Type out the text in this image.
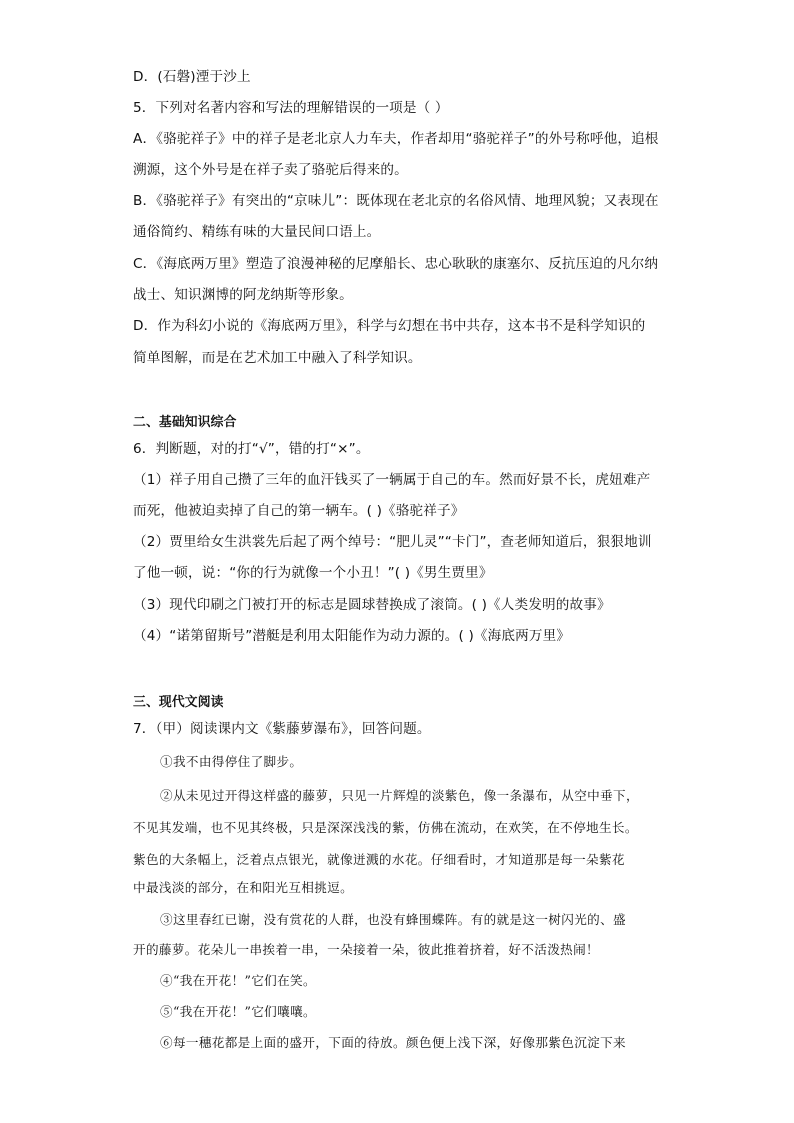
D．(石磐)湮于沙上
5．下列对名著内容和写法的理解错误的一项是（ ）
A．《骆驼祥子》中的祥子是老北京人力车夫，作者却用“骆驼祥子”的外号称呼他，追根
溯源，这个外号是在祥子卖了骆驼后得来的。
B．《骆驼祥子》有突出的“京味儿”：既体现在老北京的名俗风情、地理风貌；又表现在
通俗简约、精练有味的大量民间口语上。
C．《海底两万里》塑造了浪漫神秘的尼摩船长、忠心耿耿的康塞尔、反抗压迫的凡尔纳
战士、知识渊博的阿龙纳斯等形象。
D．作为科幻小说的《海底两万里》，科学与幻想在书中共存，这本书不是科学知识的
简单图解，而是在艺术加工中融入了科学知识。
二、基础知识综合
6．判断题，对的打“√”，错的打“×”。
（1）祥子用自己攒了三年的血汗钱买了一辆属于自己的车。然而好景不长，虎妞难产
而死，他被迫卖掉了自己的第一辆车。( )《骆驼祥子》
（2）贾里给女生洪裳先后起了两个绰号：“肥儿灵”“卡门”，查老师知道后，狠狠地训
了他一顿，说：“你的行为就像一个小丑！”( )《男生贾里》
（3）现代印刷之门被打开的标志是圆球替换成了滚筒。( )《人类发明的故事》
（4）“诺第留斯号”潜艇是利用太阳能作为动力源的。( )《海底两万里》
三、现代文阅读
7．（甲）阅读课内文《紫藤萝瀑布》，回答问题。
①我不由得停住了脚步。
②从未见过开得这样盛的藤萝，只见一片辉煌的淡紫色，像一条瀑布，从空中垂下，
不见其发端，也不见其终极，只是深深浅浅的紫，仿佛在流动，在欢笑，在不停地生长。
紫色的大条幅上，泛着点点银光，就像迸溅的水花。仔细看时，才知道那是每一朵紫花
中最浅淡的部分，在和阳光互相挑逗。
③这里春红已谢，没有赏花的人群，也没有蜂围蝶阵。有的就是这一树闪光的、盛
开的藤萝。花朵儿一串挨着一串，一朵接着一朵，彼此推着挤着，好不活泼热闹！
④“我在开花！”它们在笑。
⑤“我在开花！”它们嚷嚷。
⑥每一穗花都是上面的盛开，下面的待放。颜色便上浅下深，好像那紫色沉淀下来
